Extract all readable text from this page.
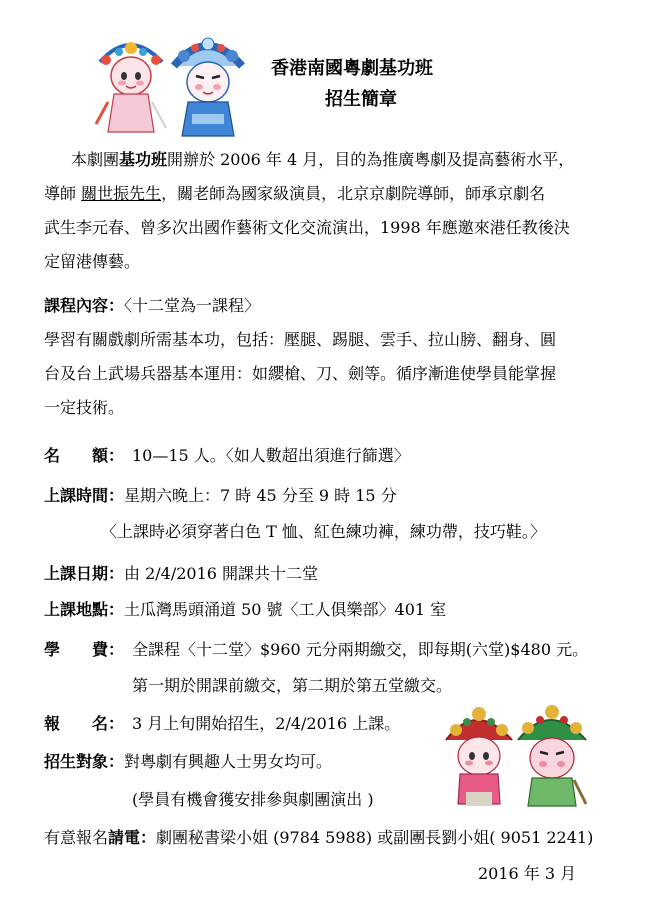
香港南國粵劇基功班
招生簡章
本劇團基功班開辦於 2006 年 4 月，目的為推廣粵劇及提高藝術水平，
導師 關世振先生，關老師為國家級演員，北京京劇院導師，師承京劇名
武生李元春、曾多次出國作藝術文化交流演出，1998 年應邀來港任教後決
定留港傳藝。
課程內容：〈十二堂為一課程〉
學習有關戲劇所需基本功，包括：壓腿、踢腿、雲手、拉山膀、翻身、圓
台及台上武場兵器基本運用：如纓槍、刀、劍等。循序漸進使學員能掌握
一定技術。
名 額： 10—15 人。〈如人數超出須進行篩選〉
上課時間：星期六晚上：7 時 45 分至 9 時 15 分
〈上課時必須穿著白色 T 恤、紅色練功褲，練功帶，技巧鞋。〉
上課日期：由 2/4/2016 開課共十二堂
上課地點：土瓜灣馬頭涌道 50 號〈工人俱樂部〉401 室
學 費： 全課程〈十二堂〉$960 元分兩期繳交，即每期(六堂)$480 元。
第一期於開課前繳交，第二期於第五堂繳交。
報 名： 3 月上旬開始招生，2/4/2016 上課。
招生對象：對粵劇有興趣人士男女均可。
(學員有機會獲安排參與劇團演出 )
有意報名請電：劇團秘書梁小姐 (9784 5988) 或副團長劉小姐( 9051 2241)
2016 年 3 月
